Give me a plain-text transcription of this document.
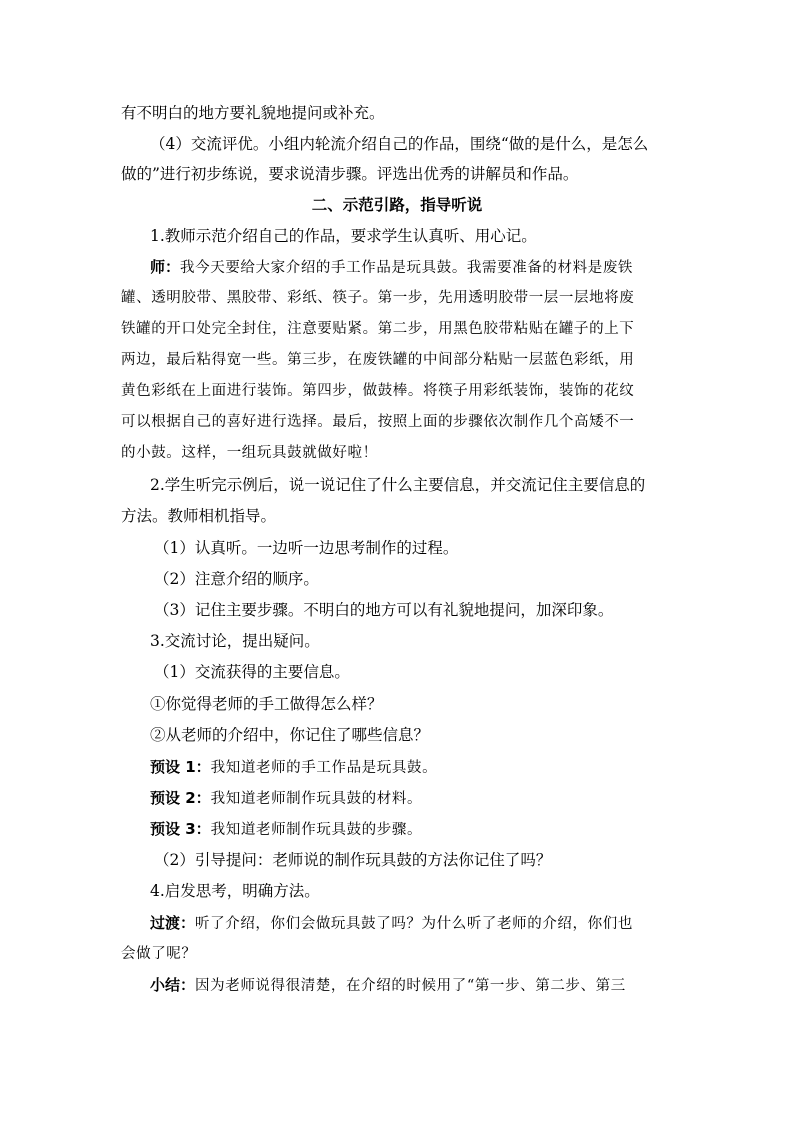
有不明白的地方要礼貌地提问或补充。
（4）交流评优。小组内轮流介绍自己的作品，围绕“做的是什么，是怎么
做的”进行初步练说，要求说清步骤。评选出优秀的讲解员和作品。
二、示范引路，指导听说
1.教师示范介绍自己的作品，要求学生认真听、用心记。
师：我今天要给大家介绍的手工作品是玩具鼓。我需要准备的材料是废铁
罐、透明胶带、黑胶带、彩纸、筷子。第一步，先用透明胶带一层一层地将废
铁罐的开口处完全封住，注意要贴紧。第二步，用黑色胶带粘贴在罐子的上下
两边，最后粘得宽一些。第三步，在废铁罐的中间部分粘贴一层蓝色彩纸，用
黄色彩纸在上面进行装饰。第四步，做鼓棒。将筷子用彩纸装饰，装饰的花纹
可以根据自己的喜好进行选择。最后，按照上面的步骤依次制作几个高矮不一
的小鼓。这样，一组玩具鼓就做好啦！
2.学生听完示例后，说一说记住了什么主要信息，并交流记住主要信息的
方法。教师相机指导。
（1）认真听。一边听一边思考制作的过程。
（2）注意介绍的顺序。
（3）记住主要步骤。不明白的地方可以有礼貌地提问，加深印象。
3.交流讨论，提出疑问。
（1）交流获得的主要信息。
①你觉得老师的手工做得怎么样？
②从老师的介绍中，你记住了哪些信息？
预设 1：我知道老师的手工作品是玩具鼓。
预设 2：我知道老师制作玩具鼓的材料。
预设 3：我知道老师制作玩具鼓的步骤。
（2）引导提问：老师说的制作玩具鼓的方法你记住了吗？
4.启发思考，明确方法。
过渡：听了介绍，你们会做玩具鼓了吗？为什么听了老师的介绍，你们也
会做了呢？
小结：因为老师说得很清楚，在介绍的时候用了“第一步、第二步、第三
